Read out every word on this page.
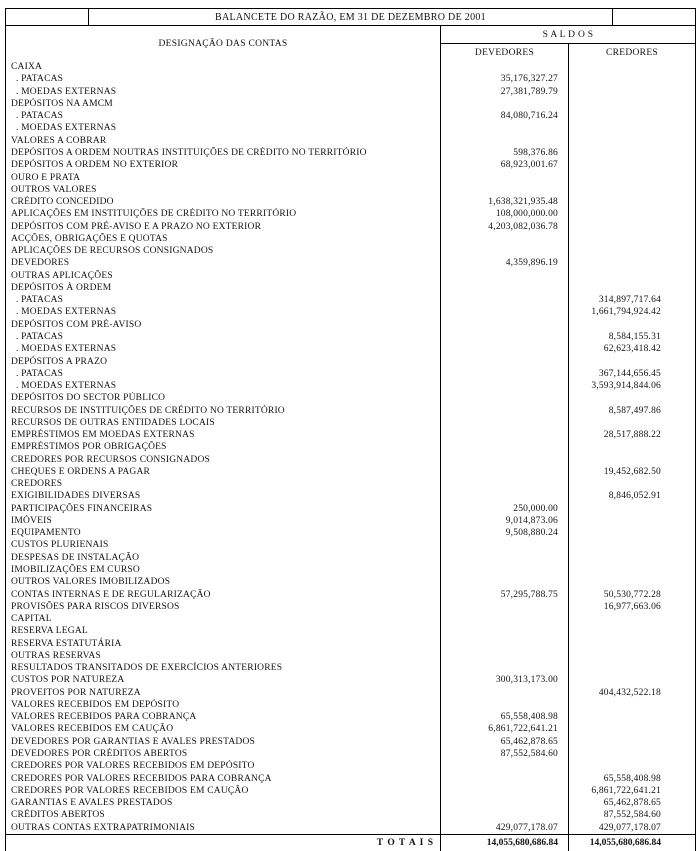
BALANCETE DO RAZÃO, EM 31 DE DEZEMBRO DE 2001		

DESIGNAÇÃO DAS CONTAS	S A L D O S	
	DEVEDORES	CREDORES
CAIXA		
. PATACAS	35,176,327.27	
. MOEDAS EXTERNAS	27,381,789.79	
DEPÓSITOS NA AMCM		
. PATACAS	84,080,716.24	
. MOEDAS EXTERNAS		
VALORES A COBRAR		
DEPÓSITOS A ORDEM NOUTRAS INSTITUIÇÕES DE CRÉDITO NO TERRITÓRIO	598,376.86	
DEPÓSITOS A ORDEM NO EXTERIOR	68,923,001.67	
OURO E PRATA		
OUTROS VALORES		
CRÉDITO CONCEDIDO	1,638,321,935.48	
APLICAÇÕES EM INSTITUIÇÕES DE CRÉDITO NO TERRITÓRIO	108,000,000.00	
DEPÓSITOS COM PRÉ-AVISO E A PRAZO NO EXTERIOR	4,203,082,036.78	
ACÇÕES, OBRIGAÇÕES E QUOTAS		
APLICAÇÕES DE RECURSOS CONSIGNADOS		
DEVEDORES	4,359,896.19	
OUTRAS APLICAÇÕES		
DEPÓSITOS À ORDEM		
. PATACAS		314,897,717.64
. MOEDAS EXTERNAS		1,661,794,924.42
DEPÓSITOS COM PRÉ-AVISO		
. PATACAS		8,584,155.31
. MOEDAS EXTERNAS		62,623,418.42
DEPÓSITOS A PRAZO		
. PATACAS		367,144,656.45
. MOEDAS EXTERNAS		3,593,914,844.06
DEPÓSITOS DO SECTOR PÚBLICO		
RECURSOS DE INSTITUIÇÕES DE CRÉDITO NO TERRITÓRIO		8,587,497.86
RECURSOS DE OUTRAS ENTIDADES LOCAIS		
EMPRÉSTIMOS EM MOEDAS EXTERNAS		28,517,888.22
EMPRÉSTIMOS POR OBRIGAÇÕES		
CREDORES POR RECURSOS CONSIGNADOS		
CHEQUES E ORDENS A PAGAR		19,452,682.50
CREDORES		
EXIGIBILIDADES DIVERSAS		8,846,052.91
PARTICIPAÇÕES FINANCEIRAS	250,000.00	
IMÓVEIS	9,014,873.06	
EQUIPAMENTO	9,508,880.24	
CUSTOS PLURIENAIS		
DESPESAS DE INSTALAÇÃO		
IMOBILIZAÇÕES EM CURSO		
OUTROS VALORES IMOBILIZADOS		
CONTAS INTERNAS E DE REGULARIZAÇÃO	57,295,788.75	50,530,772.28
PROVISÕES PARA RISCOS DIVERSOS		16,977,663.06
CAPITAL		
RESERVA LEGAL		
RESERVA ESTATUTÁRIA		
OUTRAS RESERVAS		
RESULTADOS TRANSITADOS DE EXERCÍCIOS ANTERIORES		
CUSTOS POR NATUREZA	300,313,173.00	
PROVEITOS POR NATUREZA		404,432,522.18
VALORES RECEBIDOS EM DEPÓSITO		
VALORES RECEBIDOS PARA COBRANÇA	65,558,408.98	
VALORES RECEBIDOS EM CAUÇÃO	6,861,722,641.21	
DEVEDORES POR GARANTIAS E AVALES PRESTADOS	65,462,878.65	
DEVEDORES POR CRÉDITOS ABERTOS	87,552,584.60	
CREDORES POR VALORES RECEBIDOS EM DEPÓSITO		
CREDORES POR VALORES RECEBIDOS PARA COBRANÇA		65,558,408.98
CREDORES POR VALORES RECEBIDOS EM CAUÇÃO		6,861,722,641.21
GARANTIAS E AVALES PRESTADOS		65,462,878.65
CRÉDITOS ABERTOS		87,552,584.60
OUTRAS CONTAS EXTRAPATRIMONIAIS	429,077,178.07	429,077,178.07
T O T A I S	14,055,680,686.84	14,055,680,686.84
